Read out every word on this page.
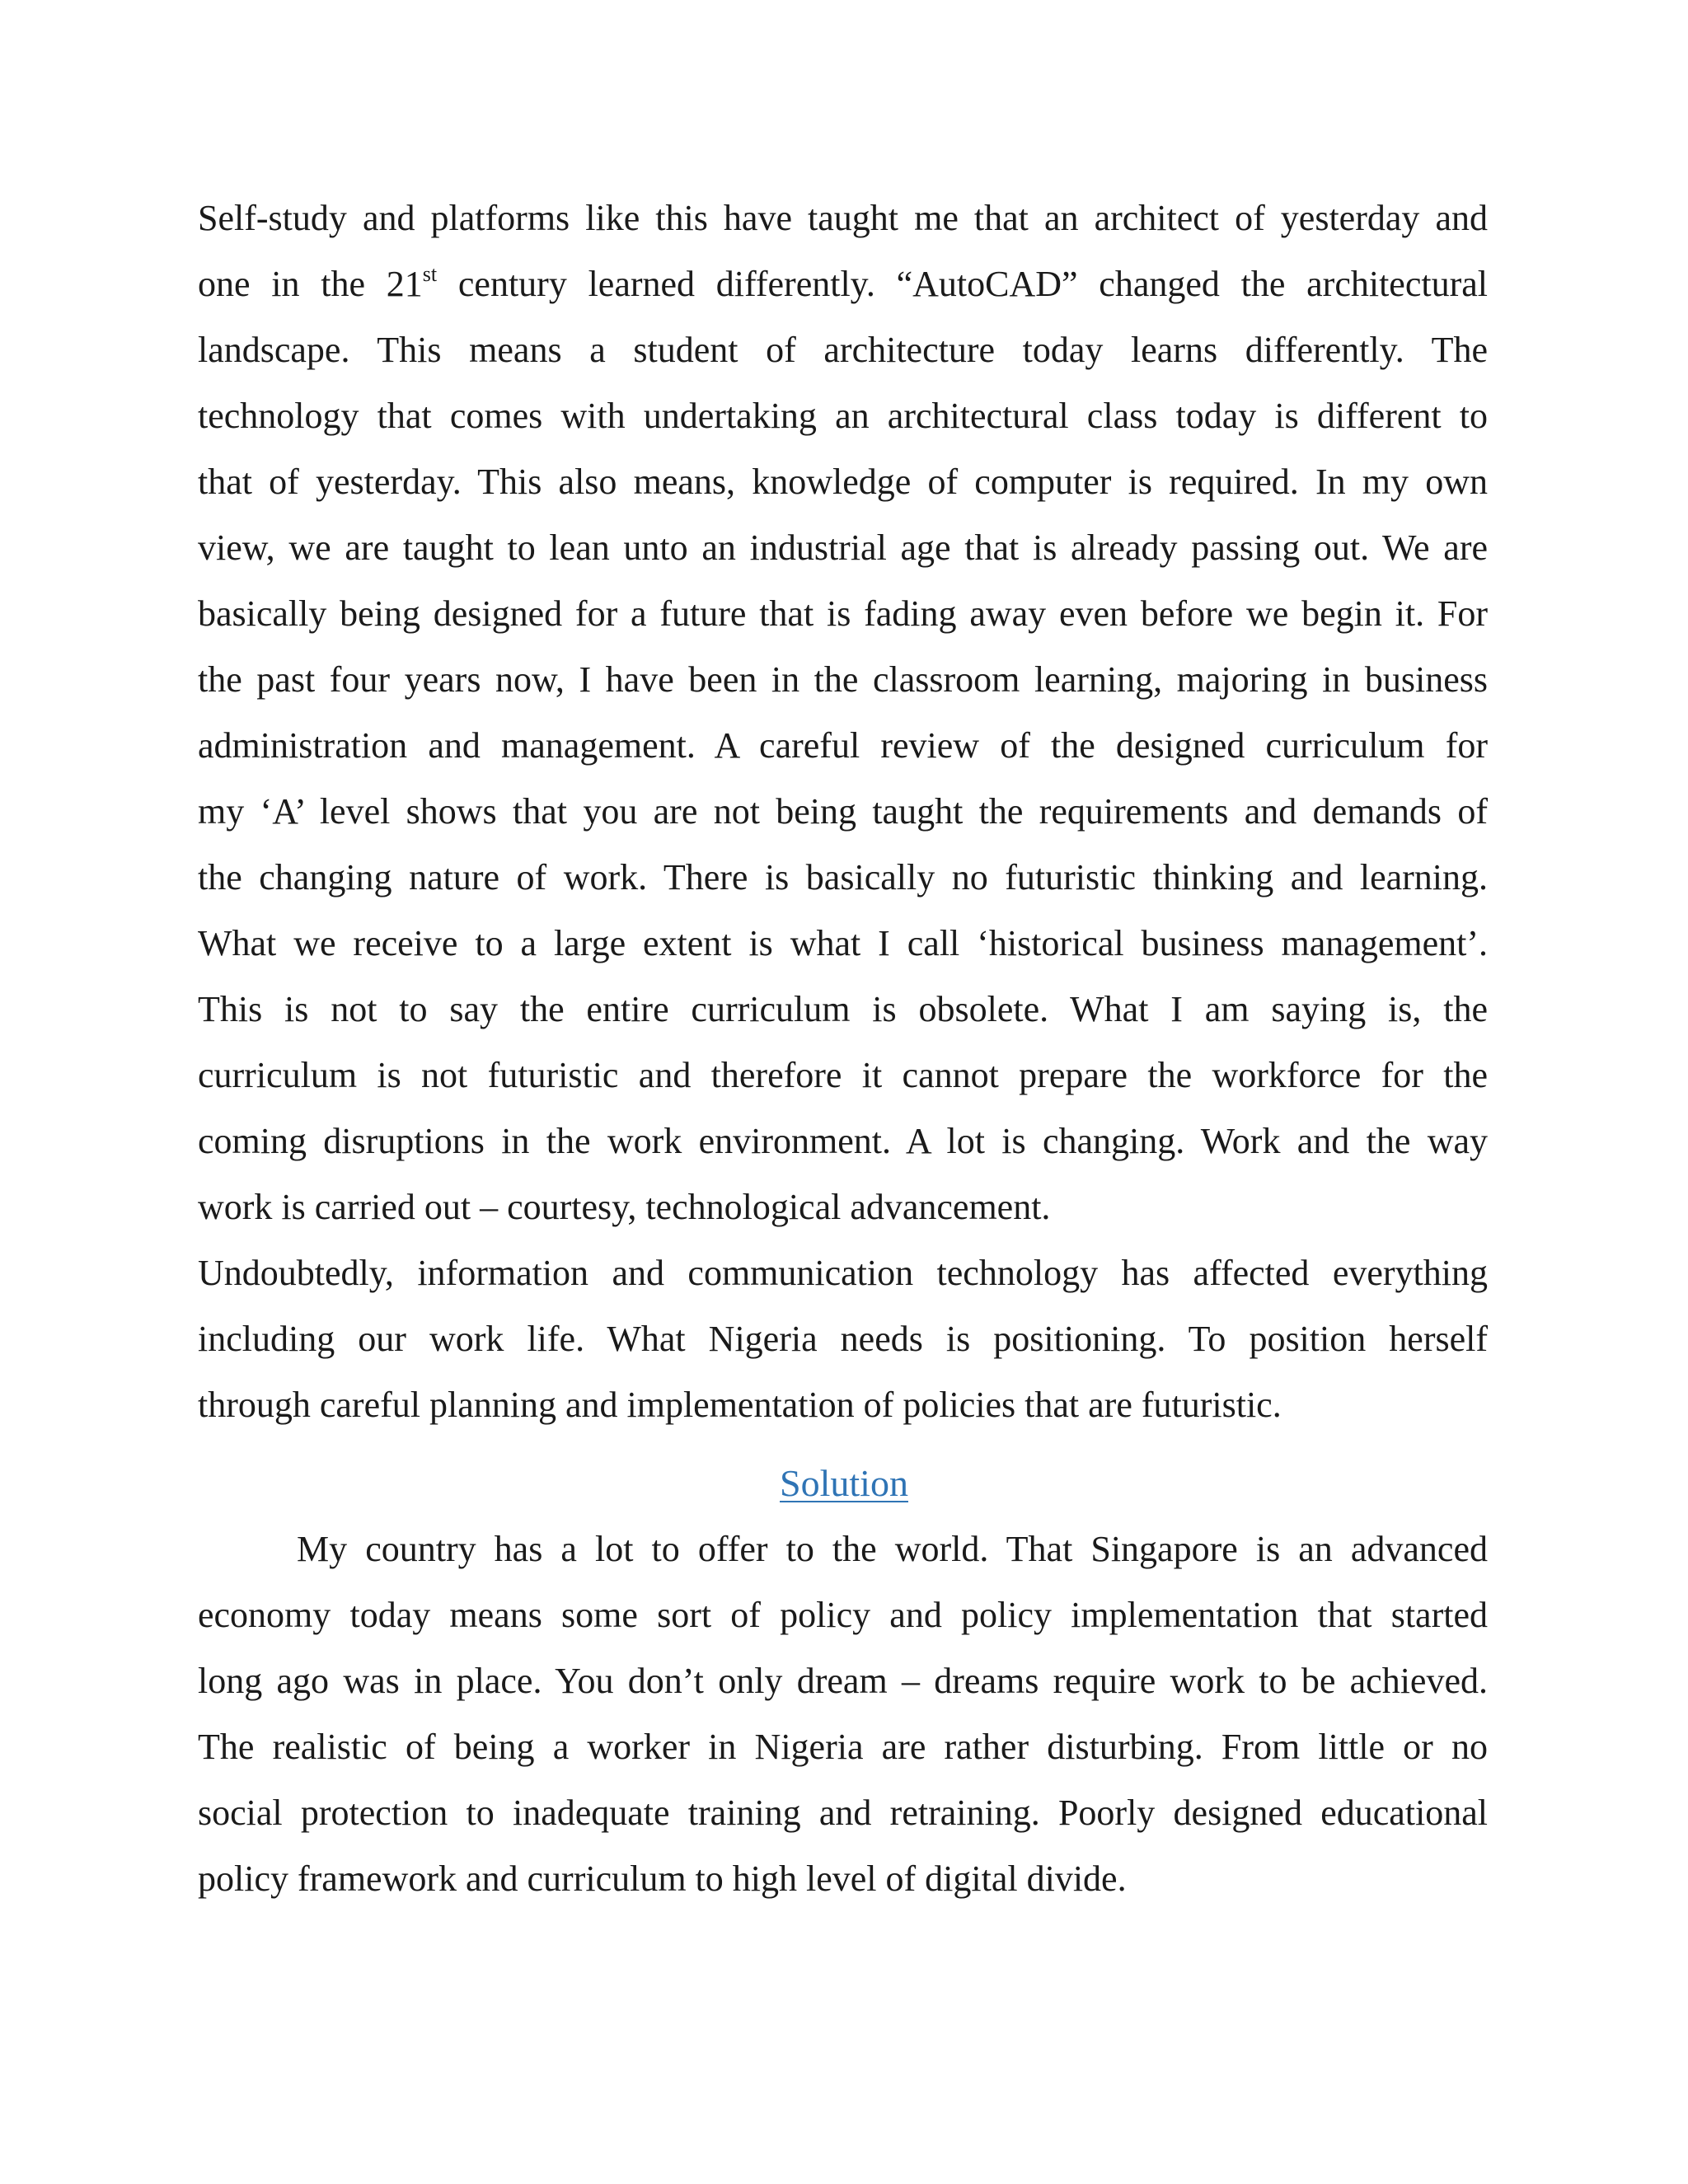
Self-study and platforms like this have taught me that an architect of yesterday and
one in the 21st century learned differently. “AutoCAD” changed the architectural
landscape. This means a student of architecture today learns differently. The
technology that comes with undertaking an architectural class today is different to
that of yesterday. This also means, knowledge of computer is required. In my own
view, we are taught to lean unto an industrial age that is already passing out. We are
basically being designed for a future that is fading away even before we begin it. For
the past four years now, I have been in the classroom learning, majoring in business
administration and management. A careful review of the designed curriculum for
my ‘A’ level shows that you are not being taught the requirements and demands of
the changing nature of work. There is basically no futuristic thinking and learning.
What we receive to a large extent is what I call ‘historical business management’.
This is not to say the entire curriculum is obsolete. What I am saying is, the
curriculum is not futuristic and therefore it cannot prepare the workforce for the
coming disruptions in the work environment. A lot is changing. Work and the way
work is carried out – courtesy, technological advancement.
Undoubtedly, information and communication technology has affected everything
including our work life. What Nigeria needs is positioning. To position herself
through careful planning and implementation of policies that are futuristic.
Solution
My country has a lot to offer to the world. That Singapore is an advanced
economy today means some sort of policy and policy implementation that started
long ago was in place. You don’t only dream – dreams require work to be achieved.
The realistic of being a worker in Nigeria are rather disturbing. From little or no
social protection to inadequate training and retraining. Poorly designed educational
policy framework and curriculum to high level of digital divide.
